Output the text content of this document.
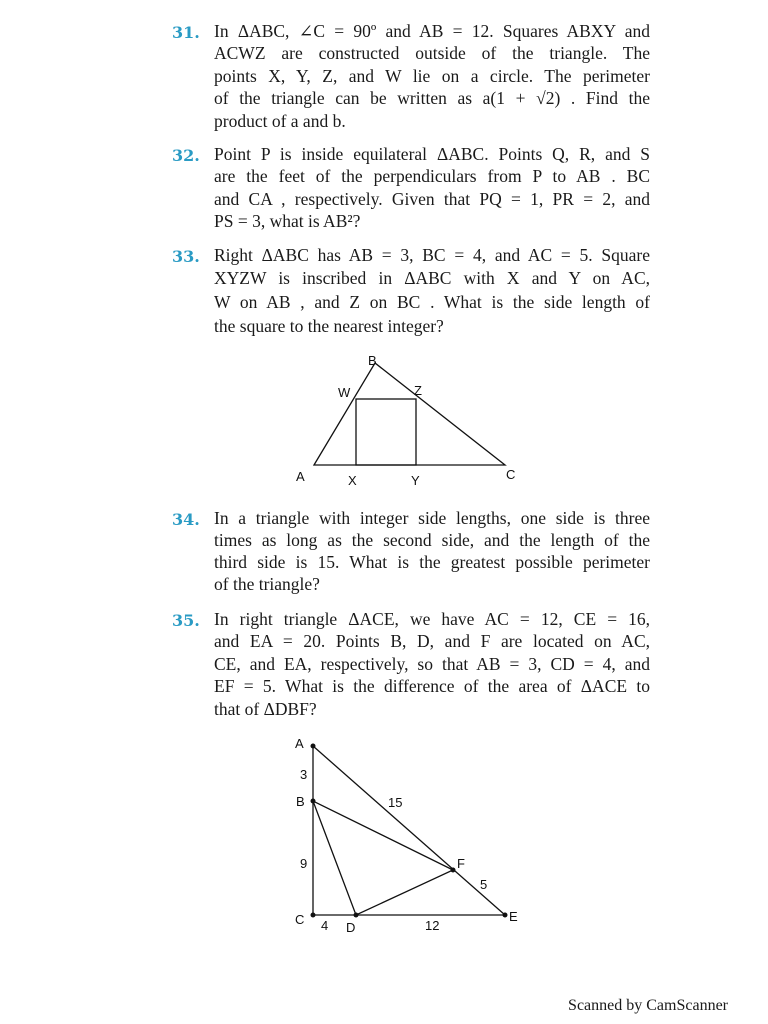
31. In ΔABC, ∠C = 90º and AB = 12. Squares ABXY and
ACWZ are constructed outside of the triangle. The
points X, Y, Z, and W lie on a circle. The perimeter
of the triangle can be written as a(1 + √2) . Find the
product of a and b.
32. Point P is inside equilateral ΔABC. Points Q, R, and S
are the feet of the perpendiculars from P to AB . BC
and CA , respectively. Given that PQ = 1, PR = 2, and
PS = 3, what is AB²?
33. Right ΔABC has AB = 3, BC = 4, and AC = 5. Square
XYZW is inscribed in ΔABC with X and Y on AC,
W on AB , and Z on BC . What is the side length of
the square to the nearest integer?
B
W	Z
A	X	Y	C
34. In a triangle with integer side lengths, one side is three
times as long as the second side, and the length of the
third side is 15. What is the greatest possible perimeter
of the triangle?
35. In right triangle ΔACE, we have AC = 12, CE = 16,
and EA = 20. Points B, D, and F are located on AC,
CE, and EA, respectively, so that AB = 3, CD = 4, and
EF = 5. What is the difference of the area of ΔACE to
that of ΔDBF?
A
B
C
D
E
F
3
9
4	12
5
15
Scanned by CamScanner
